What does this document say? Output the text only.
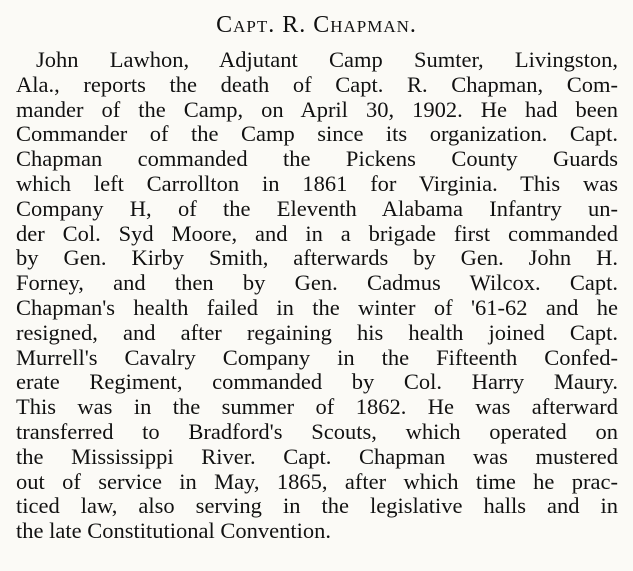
Capt. R. Chapman.
John Lawhon, Adjutant Camp Sumter, Livingston,
Ala., reports the death of Capt. R. Chapman, Com-
mander of the Camp, on April 30, 1902. He had been
Commander of the Camp since its organization. Capt.
Chapman commanded the Pickens County Guards
which left Carrollton in 1861 for Virginia. This was
Company H, of the Eleventh Alabama Infantry un-
der Col. Syd Moore, and in a brigade first commanded
by Gen. Kirby Smith, afterwards by Gen. John H.
Forney, and then by Gen. Cadmus Wilcox. Capt.
Chapman's health failed in the winter of '61-62 and he
resigned, and after regaining his health joined Capt.
Murrell's Cavalry Company in the Fifteenth Confed-
erate Regiment, commanded by Col. Harry Maury.
This was in the summer of 1862. He was afterward
transferred to Bradford's Scouts, which operated on
the Mississippi River. Capt. Chapman was mustered
out of service in May, 1865, after which time he prac-
ticed law, also serving in the legislative halls and in
the late Constitutional Convention.
